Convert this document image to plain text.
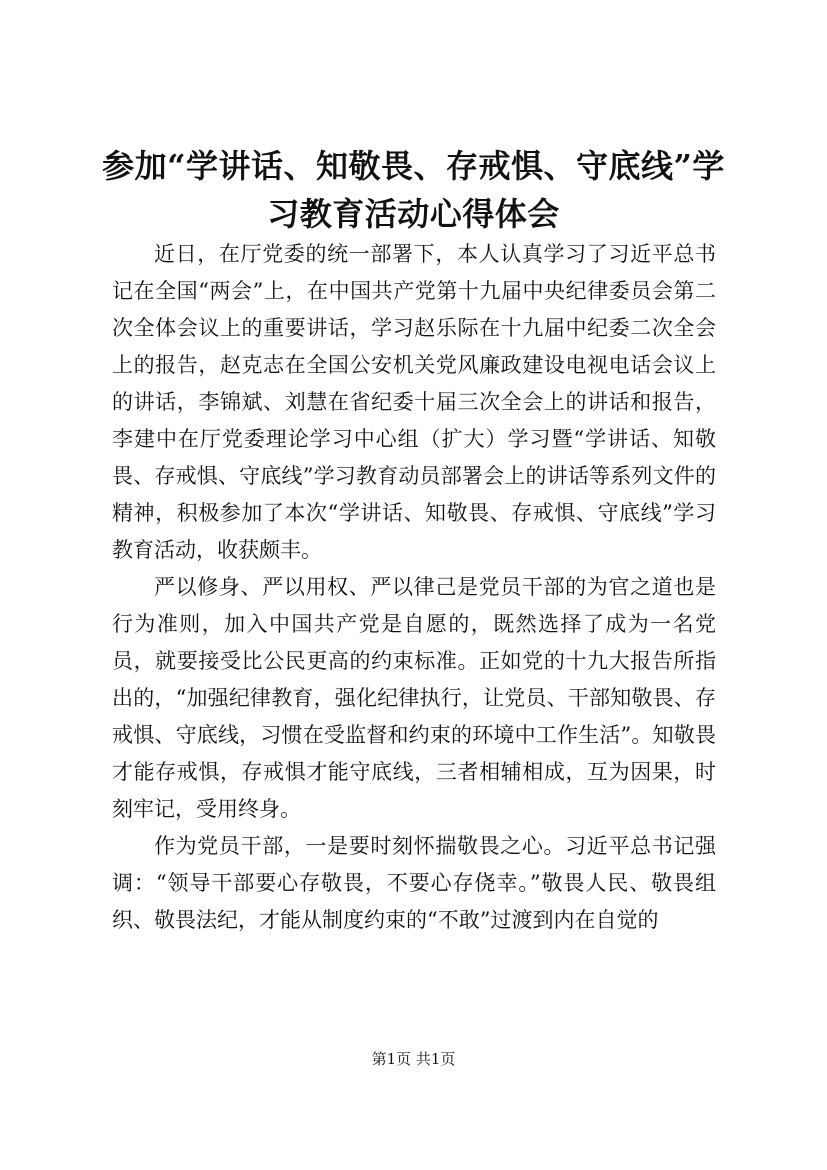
参加“学讲话、知敬畏、存戒惧、守底线”学习教育活动心得体会

近日，在厅党委的统一部署下，本人认真学习了习近平总书记在全国“两会”上，在中国共产党第十九届中央纪律委员会第二次全体会议上的重要讲话，学习赵乐际在十九届中纪委二次全会上的报告，赵克志在全国公安机关党风廉政建设电视电话会议上的讲话，李锦斌、刘慧在省纪委十届三次全会上的讲话和报告，李建中在厅党委理论学习中心组（扩大）学习暨“学讲话、知敬畏、存戒惧、守底线”学习教育动员部署会上的讲话等系列文件的精神，积极参加了本次“学讲话、知敬畏、存戒惧、守底线”学习教育活动，收获颇丰。

严以修身、严以用权、严以律己是党员干部的为官之道也是行为准则，加入中国共产党是自愿的，既然选择了成为一名党员，就要接受比公民更高的约束标准。正如党的十九大报告所指出的，“加强纪律教育，强化纪律执行，让党员、干部知敬畏、存戒惧、守底线，习惯在受监督和约束的环境中工作生活”。知敬畏才能存戒惧，存戒惧才能守底线，三者相辅相成，互为因果，时刻牢记，受用终身。

作为党员干部，一是要时刻怀揣敬畏之心。习近平总书记强调：“领导干部要心存敬畏，不要心存侥幸。”敬畏人民、敬畏组织、敬畏法纪，才能从制度约束的“不敢”过渡到内在自觉的

第1页 共1页
